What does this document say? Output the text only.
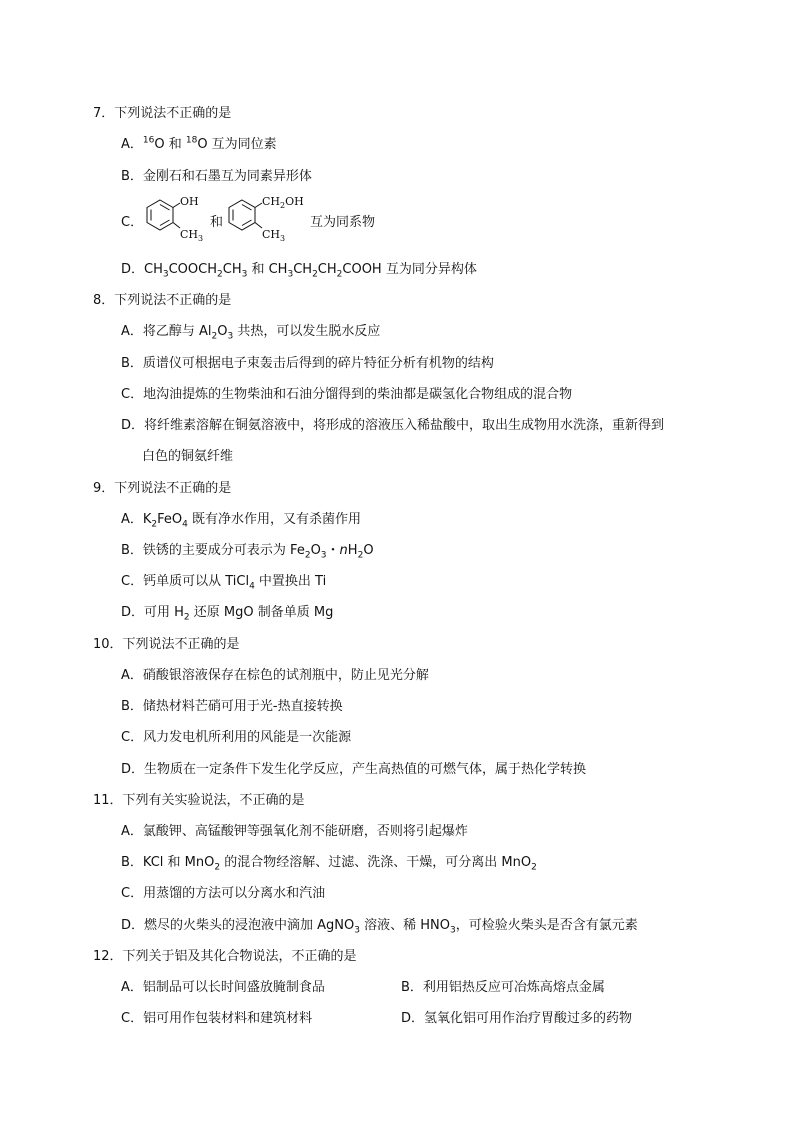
7．下列说法不正确的是
A．$^{16}$O 和 $^{18}$O 互为同位素
B．金刚石和石墨互为同素异形体
C．
OH
$CH_3$
和
$CH_2OH$
$CH_3$
互为同系物
D．$CH_3COOCH_2CH_3$ 和 $CH_3CH_2CH_2COOH$ 互为同分异构体
8．下列说法不正确的是
A．将乙醇与 $Al_2O_3$ 共热，可以发生脱水反应
B．质谱仪可根据电子束轰击后得到的碎片特征分析有机物的结构
C．地沟油提炼的生物柴油和石油分馏得到的柴油都是碳氢化合物组成的混合物
D．将纤维素溶解在铜氨溶液中，将形成的溶液压入稀盐酸中，取出生成物用水洗涤，重新得到
白色的铜氨纤维
9．下列说法不正确的是
A．$K_2FeO_4$ 既有净水作用，又有杀菌作用
B．铁锈的主要成分可表示为 $Fe_2O_3$・$nH_2O$
C．钙单质可以从 TiCl$_4$ 中置换出 Ti
D．可用 $H_2$ 还原 MgO 制备单质 Mg
10．下列说法不正确的是
A．硝酸银溶液保存在棕色的试剂瓶中，防止见光分解
B．储热材料芒硝可用于光-热直接转换
C．风力发电机所利用的风能是一次能源
D．生物质在一定条件下发生化学反应，产生高热值的可燃气体，属于热化学转换
11．下列有关实验说法，不正确的是
A．氯酸钾、高锰酸钾等强氧化剂不能研磨，否则将引起爆炸
B．KCl 和 MnO$_2$ 的混合物经溶解、过滤、洗涤、干燥，可分离出 MnO$_2$
C．用蒸馏的方法可以分离水和汽油
D．燃尽的火柴头的浸泡液中滴加 AgNO$_3$ 溶液、稀 $HNO_3$，可检验火柴头是否含有氯元素
12．下列关于铝及其化合物说法，不正确的是
A．铝制品可以长时间盛放腌制食品	B．利用铝热反应可冶炼高熔点金属
C．铝可用作包装材料和建筑材料	D．氢氧化铝可用作治疗胃酸过多的药物
